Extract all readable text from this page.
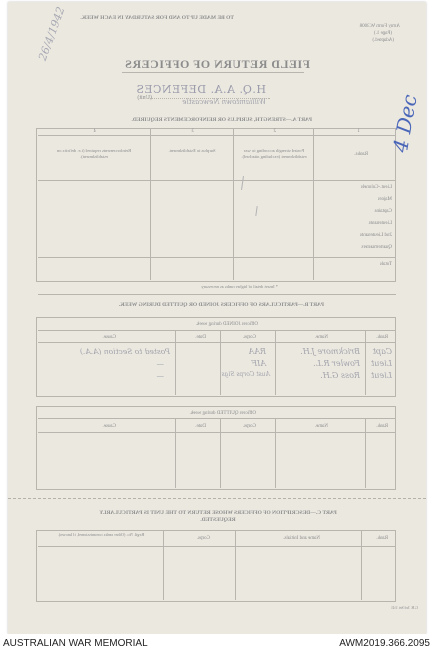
TO BE MADE UP TO AND FOR SATURDAY IN EACH WEEK.
Army Form W.3008
(Page 1.)
(Adapted.)
FIELD RETURN OF OFFICERS
(Unit)
H.Q. A.A. DEFENCES
Williamtown Newcastle
PART A.—STRENGTH, SURPLUS OR REINFORCEMENTS REQUIRED.
1
2
3
4
Ranks.
Posted strength according to war establishment (excluding attached).
Surplus to Establishment.
Reinforcements required (i.e. deficits on establishment).
Lieut.-Colonels
Majors
Captains
Lieutenants
2nd Lieutenants
Quartermasters
Totals
* Insert detail of higher ranks as necessary.
PART B.—PARTICULARS OF OFFICERS JOINED OR QUITTED DURING WEEK.
Officers JOINED during week.
Rank.
Name.
Corps.
Date.
Cause.
Capt
Brickmore J.H.
RAA
Posted to Section (A.A.)
Lieut
Fowler R.L.
AIF
—
Lieut
Ross G.H.
Aust Corps Sigs
—
Officers QUITTED during week.
Rank.
Name.
Corps.
Date.
Cause.
PART C.—DESCRIPTION OF OFFICERS WHOSE RETURN TO THE UNIT IS PARTICULARLY REQUESTED.
Rank.
Name and Initials.
Corps.
Regtl. No. (Other ranks commissioned, if known).
G.H. 3rd Set 1/41
26/4/1942
4 Dec
AUSTRALIAN WAR MEMORIAL	AWM2019.366.2095
